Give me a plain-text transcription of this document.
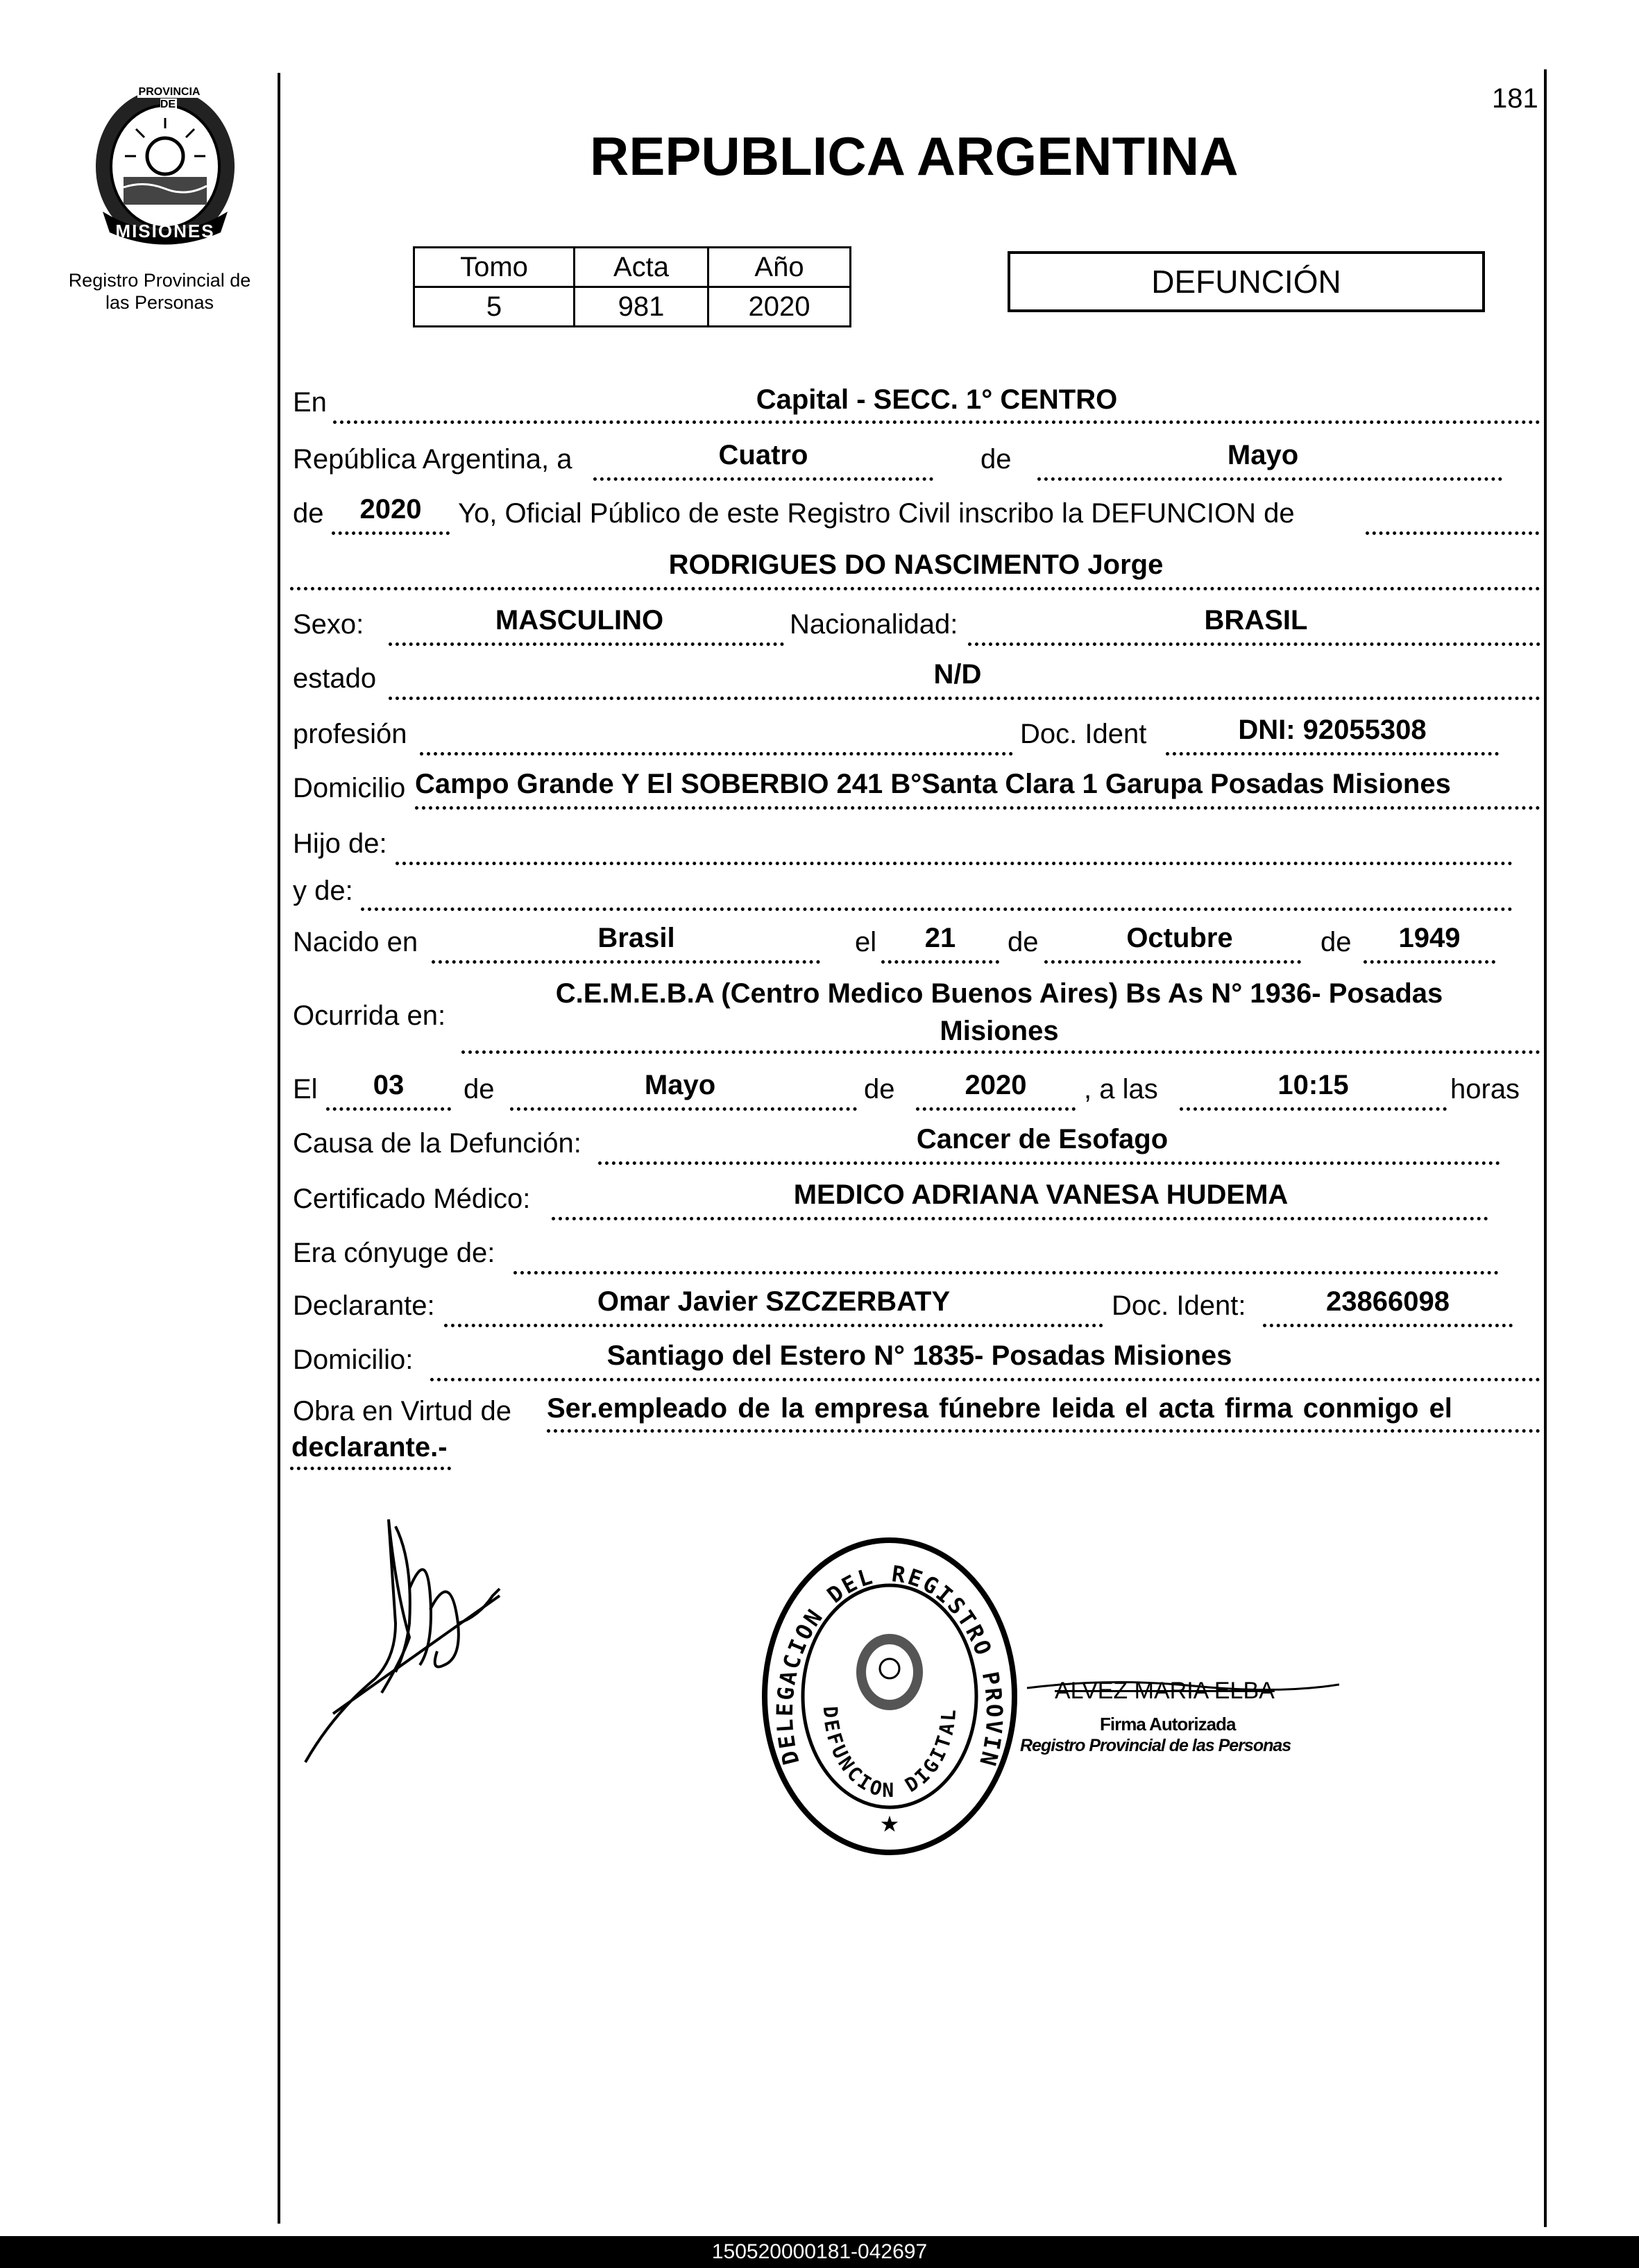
PROVINCIA DE
MISIONES
Registro Provincial de
las Personas
181
REPUBLICA ARGENTINA
Tomo	Acta	Año
5	981	2020
DEFUNCIÓN
En	Capital - SECC. 1° CENTRO
República Argentina, a	Cuatro	de	Mayo
de	2020	Yo, Oficial Público de este Registro Civil inscribo la DEFUNCION de
RODRIGUES DO NASCIMENTO Jorge
Sexo:	MASCULINO	Nacionalidad:	BRASIL
estado	N/D
profesión	Doc. Ident	DNI: 92055308
Domicilio Campo Grande Y El SOBERBIO 241 B°Santa Clara 1 Garupa Posadas Misiones
Hijo de:
y de:
Nacido en	Brasil	el	21	de	Octubre	de	1949
Ocurrida en:
C.E.M.E.B.A (Centro Medico Buenos Aires) Bs As N° 1936- Posadas
Misiones
El	03	de	Mayo	de	2020	, a las	10:15	horas
Causa de la Defunción:	Cancer de Esofago
Certificado Médico:	MEDICO ADRIANA VANESA HUDEMA
Era cónyuge de:
Declarante:	Omar Javier SZCZERBATY	Doc. Ident:	23866098
Domicilio:	Santiago del Estero N° 1835- Posadas Misiones
Obra en Virtud de Ser.empleado de la empresa fúnebre leida el acta firma conmigo el
declarante.-
DELEGACION DEL REGISTRO PROVIN
DEFUNCION DIGITAL
★
ALVEZ MARIA ELBA
Firma Autorizada
Registro Provincial de las Personas
150520000181-042697
